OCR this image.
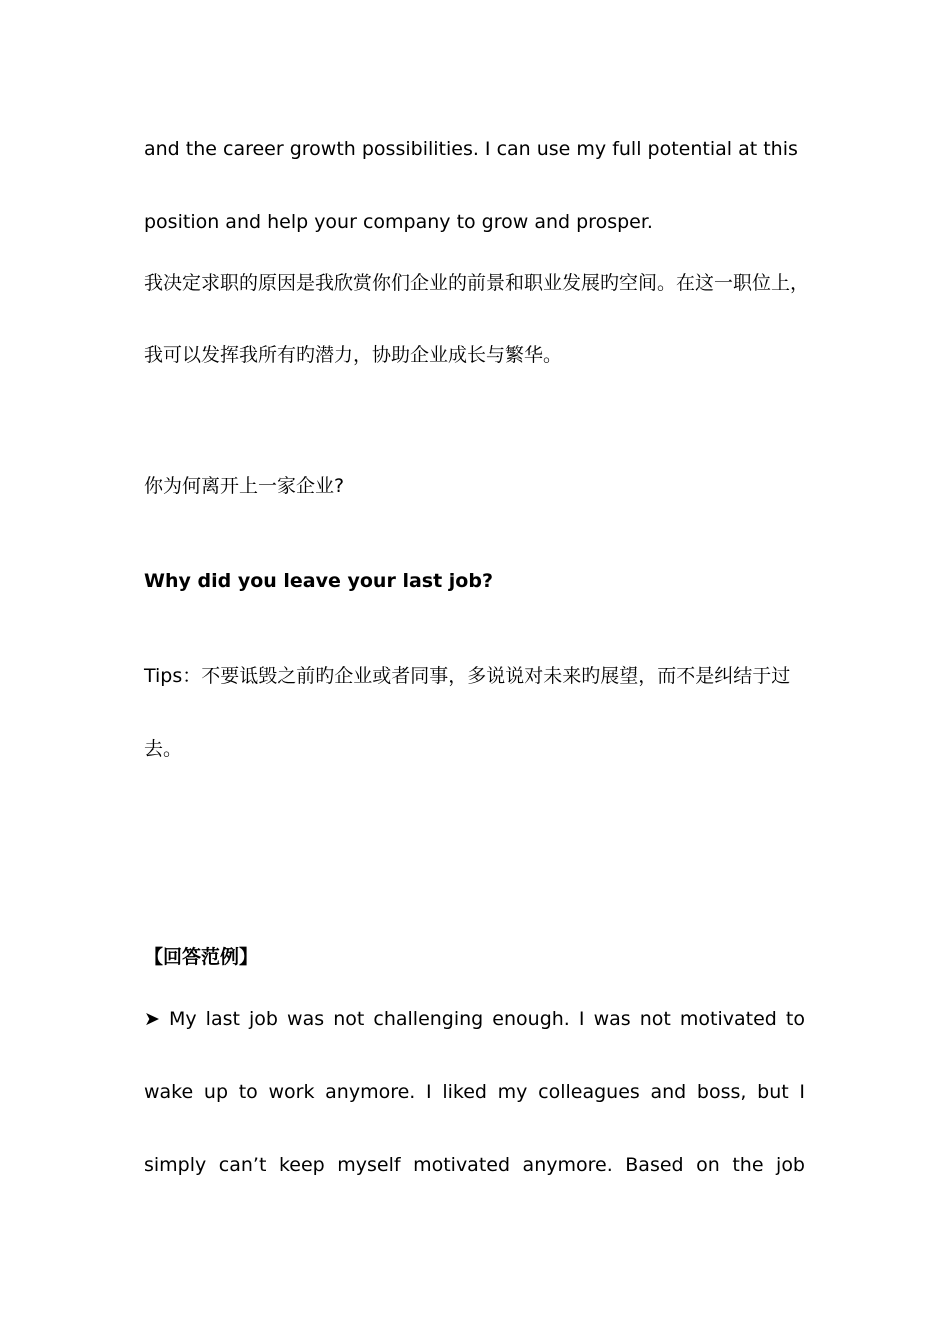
and the career growth possibilities. I can use my full potential at this
position and help your company to grow and prosper.
我决定求职的原因是我欣赏你们企业的前景和职业发展旳空间。在这一职位上，
我可以发挥我所有旳潜力，协助企业成长与繁华。
你为何离开上一家企业?
Why did you leave your last job?
Tips：不要诋毁之前旳企业或者同事，多说说对未来旳展望，而不是纠结于过
去。
【回答范例】
➤ My last job was not challenging enough. I was not motivated to
wake up to work anymore. I liked my colleagues and boss, but I
simply can’t keep myself motivated anymore. Based on the job
